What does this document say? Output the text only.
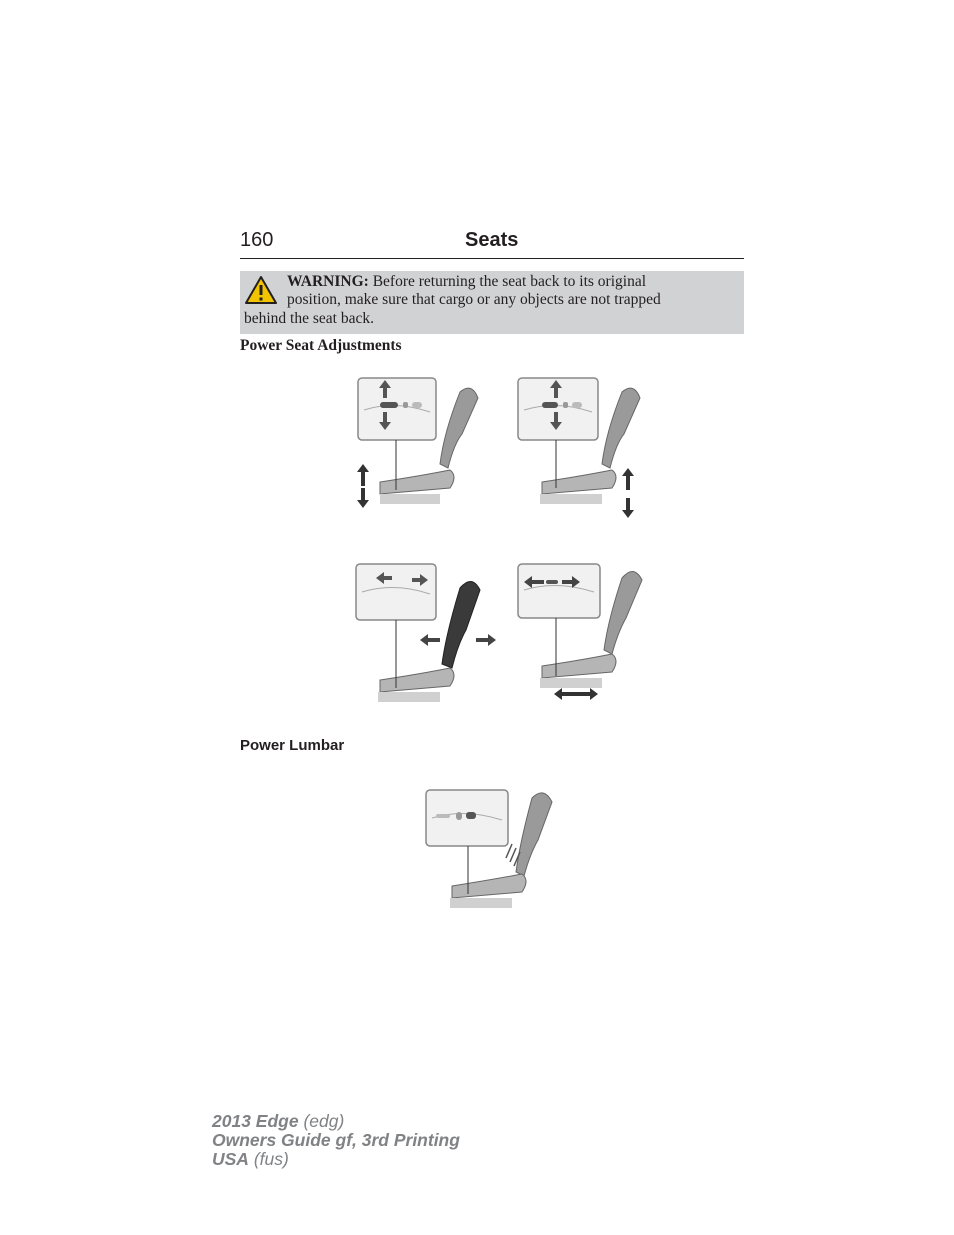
160	Seats
WARNING: Before returning the seat back to its original
position, make sure that cargo or any objects are not trapped
behind the seat back.
Power Seat Adjustments
Power Lumbar
2013 Edge (edg)
Owners Guide gf, 3rd Printing
USA (fus)
